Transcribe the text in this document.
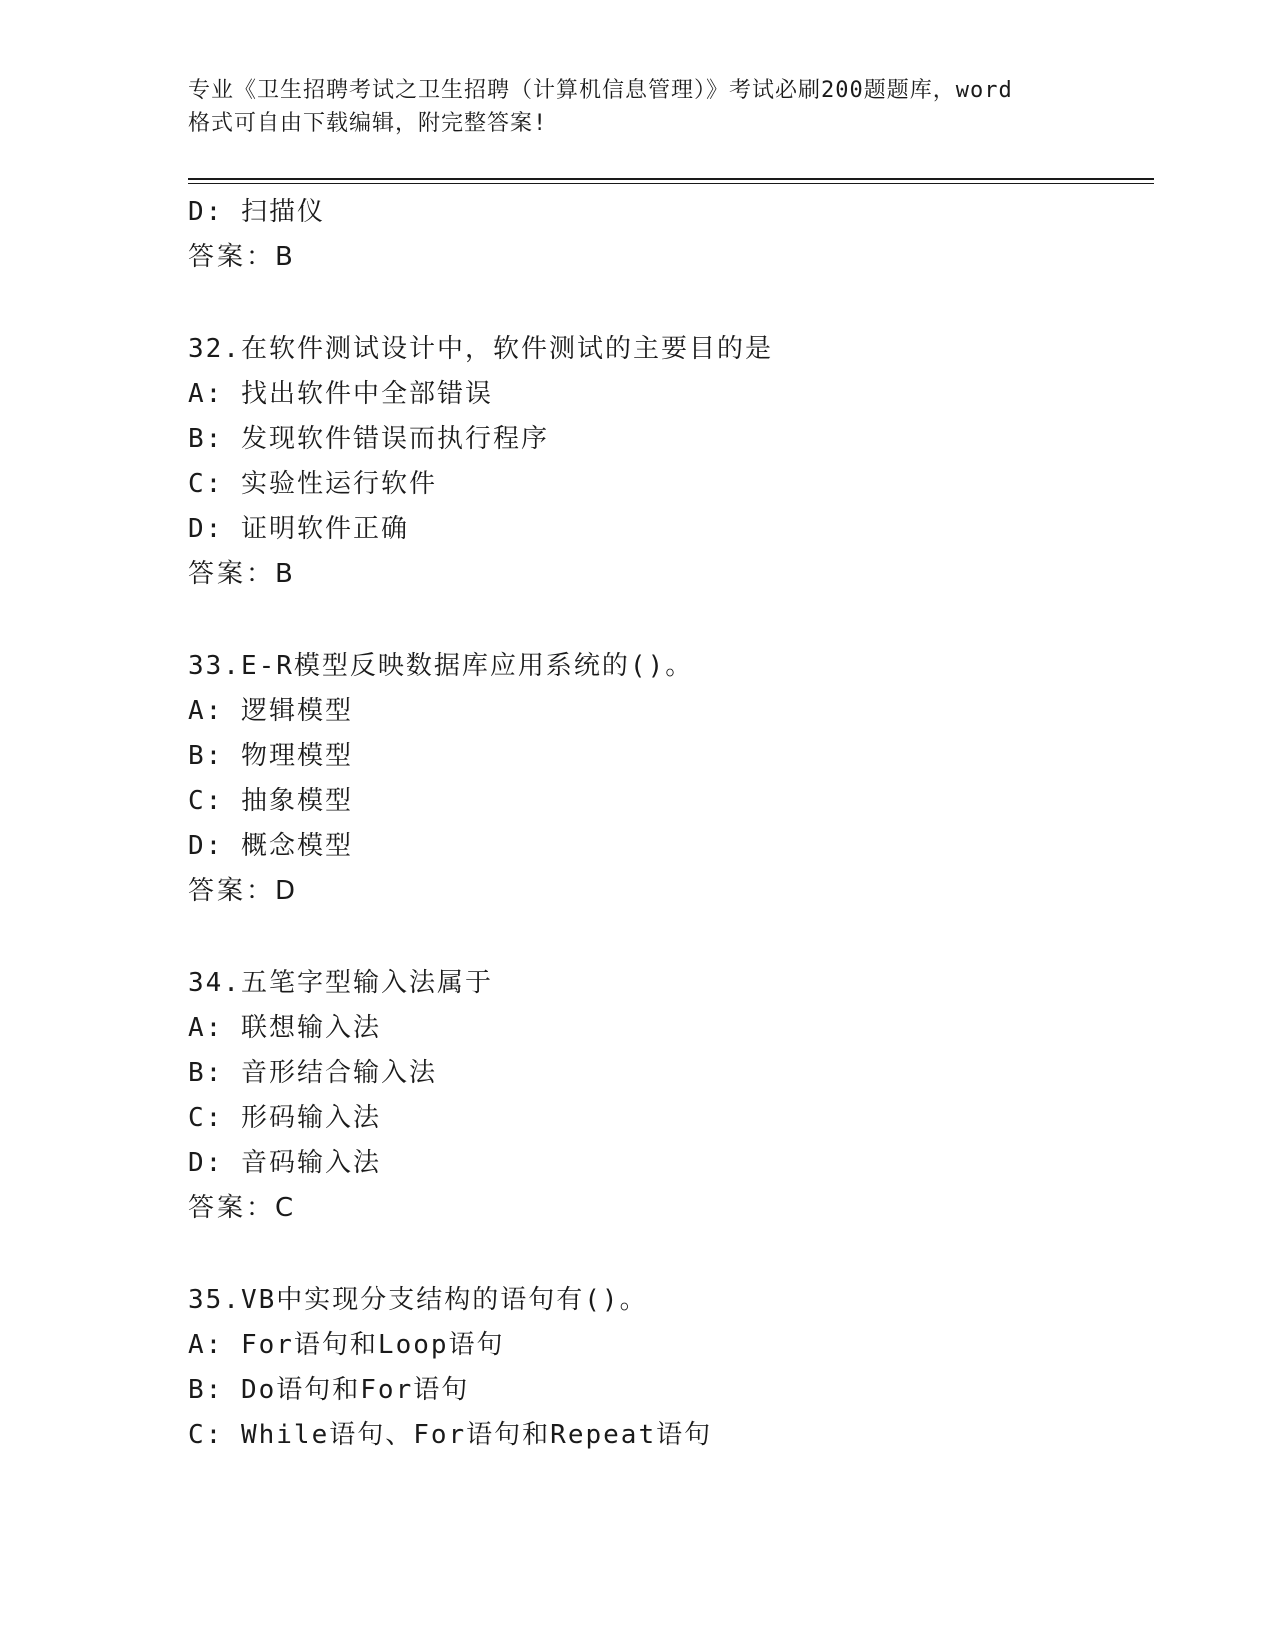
专业《卫生招聘考试之卫生招聘（计算机信息管理）》考试必刷200题题库，word
格式可自由下载编辑，附完整答案!
D: 扫描仪
答案：B
32.在软件测试设计中，软件测试的主要目的是
A: 找出软件中全部错误
B: 发现软件错误而执行程序
C: 实验性运行软件
D: 证明软件正确
答案：B
33.E-R模型反映数据库应用系统的()。
A: 逻辑模型
B: 物理模型
C: 抽象模型
D: 概念模型
答案：D
34.五笔字型输入法属于
A: 联想输入法
B: 音形结合输入法
C: 形码输入法
D: 音码输入法
答案：C
35.VB中实现分支结构的语句有()。
A: For语句和Loop语句
B: Do语句和For语句
C: While语句、For语句和Repeat语句
